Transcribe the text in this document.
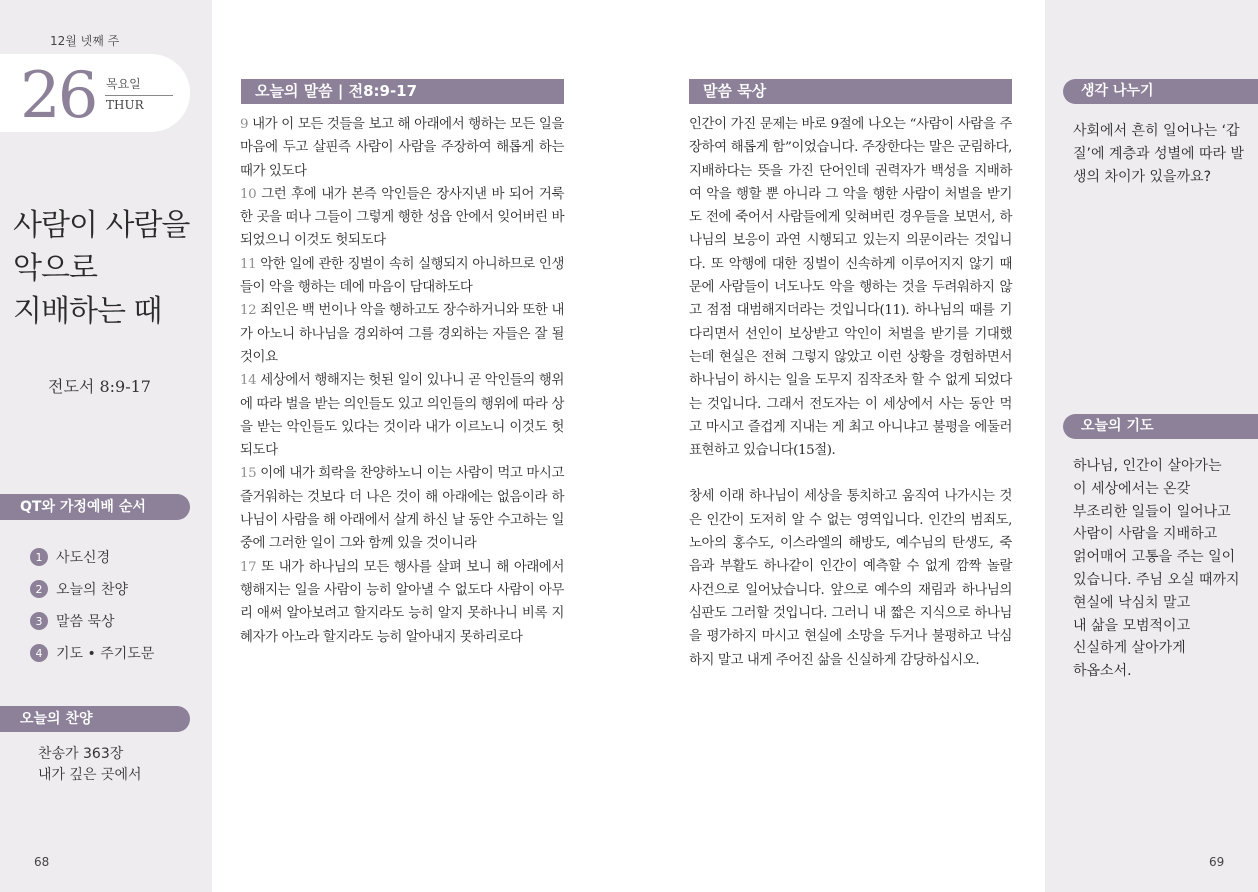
12월 넷째 주
26 목요일
THUR
사람이 사람을
악으로
지배하는 때
전도서 8:9-17
QT와 가정예배 순서
1 사도신경
2 오늘의 찬양
3 말씀 묵상
4 기도 • 주기도문
오늘의 찬양
찬송가 363장
내가 깊은 곳에서
68
오늘의 말씀 | 전8:9-17

9 내가 이 모든 것들을 보고 해 아래에서 행하는 모든 일을 마음에 두고 살핀즉 사람이 사람을 주장하여 해롭게 하는 때가 있도다

10 그런 후에 내가 본즉 악인들은 장사지낸 바 되어 거룩한 곳을 떠나 그들이 그렇게 행한 성읍 안에서 잊어버린 바 되었으니 이것도 헛되도다

11 악한 일에 관한 징벌이 속히 실행되지 아니하므로 인생들이 악을 행하는 데에 마음이 담대하도다

12 죄인은 백 번이나 악을 행하고도 장수하거니와 또한 내가 아노니 하나님을 경외하여 그를 경외하는 자들은 잘 될 것이요

14 세상에서 행해지는 헛된 일이 있나니 곧 악인들의 행위에 따라 벌을 받는 의인들도 있고 의인들의 행위에 따라 상을 받는 악인들도 있다는 것이라 내가 이르노니 이것도 헛되도다

15 이에 내가 희락을 찬양하노니 이는 사람이 먹고 마시고 즐거워하는 것보다 더 나은 것이 해 아래에는 없음이라 하나님이 사람을 해 아래에서 살게 하신 날 동안 수고하는 일 중에 그러한 일이 그와 함께 있을 것이니라

17 또 내가 하나님의 모든 행사를 살펴 보니 해 아래에서 행해지는 일을 사람이 능히 알아낼 수 없도다 사람이 아무리 애써 알아보려고 할지라도 능히 알지 못하나니 비록 지혜자가 아노라 할지라도 능히 알아내지 못하리로다

말씀 묵상

인간이 가진 문제는 바로 9절에 나오는 “사람이 사람을 주장하여 해롭게 함”이었습니다. 주장한다는 말은 군림하다, 지배하다는 뜻을 가진 단어인데 권력자가 백성을 지배하여 악을 행할 뿐 아니라 그 악을 행한 사람이 처벌을 받기도 전에 죽어서 사람들에게 잊혀버린 경우들을 보면서, 하나님의 보응이 과연 시행되고 있는지 의문이라는 것입니다. 또 악행에 대한 징벌이 신속하게 이루어지지 않기 때문에 사람들이 너도나도 악을 행하는 것을 두려워하지 않고 점점 대범해지더라는 것입니다(11). 하나님의 때를 기다리면서 선인이 보상받고 악인이 처벌을 받기를 기대했는데 현실은 전혀 그렇지 않았고 이런 상황을 경험하면서 하나님이 하시는 일을 도무지 짐작조차 할 수 없게 되었다는 것입니다. 그래서 전도자는 이 세상에서 사는 동안 먹고 마시고 즐겁게 지내는 게 최고 아니냐고 불평을 에둘러 표현하고 있습니다(15절).

창세 이래 하나님이 세상을 통치하고 움직여 나가시는 것은 인간이 도저히 알 수 없는 영역입니다. 인간의 범죄도, 노아의 홍수도, 이스라엘의 해방도, 예수님의 탄생도, 죽음과 부활도 하나같이 인간이 예측할 수 없게 깜짝 놀랄 사건으로 일어났습니다. 앞으로 예수의 재림과 하나님의 심판도 그러할 것입니다. 그러니 내 짧은 지식으로 하나님을 평가하지 마시고 현실에 소망을 두거나 불평하고 낙심하지 말고 내게 주어진 삶을 신실하게 감당하십시오.

생각 나누기
사회에서 흔히 일어나는 ‘갑질’에 계층과 성별에 따라 발생의 차이가 있을까요?
오늘의 기도
하나님, 인간이 살아가는
이 세상에서는 온갖
부조리한 일들이 일어나고
사람이 사람을 지배하고
얽어매어 고통을 주는 일이
있습니다. 주님 오실 때까지
현실에 낙심치 말고
내 삶을 모범적이고
신실하게 살아가게
하옵소서.
69
